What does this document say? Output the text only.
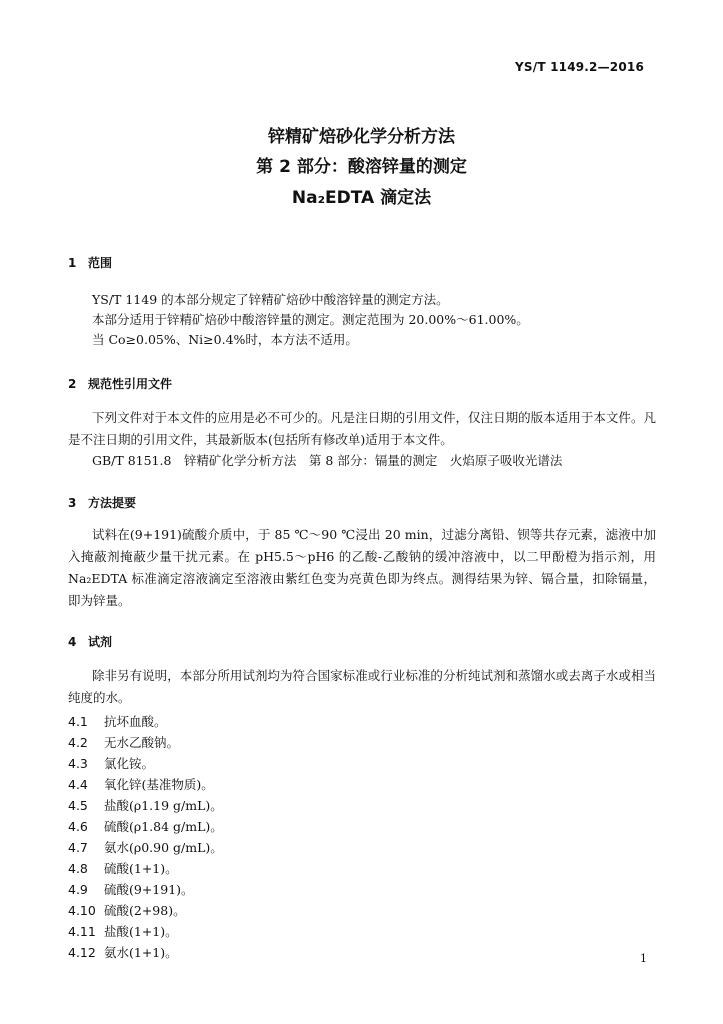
YS/T 1149.2—2016
锌精矿焙砂化学分析方法
第 2 部分：酸溶锌量的测定
Na₂EDTA 滴定法
1 范围
YS/T 1149 的本部分规定了锌精矿焙砂中酸溶锌量的测定方法。
本部分适用于锌精矿焙砂中酸溶锌量的测定。测定范围为 20.00%～61.00%。
当 Co≥0.05%、Ni≥0.4%时，本方法不适用。
2 规范性引用文件
下列文件对于本文件的应用是必不可少的。凡是注日期的引用文件，仅注日期的版本适用于本文件。凡是不注日期的引用文件，其最新版本(包括所有修改单)适用于本文件。
GB/T 8151.8　锌精矿化学分析方法　第 8 部分：镉量的测定　火焰原子吸收光谱法
3 方法提要
试料在(9+191)硫酸介质中，于 85 ℃～90 ℃浸出 20 min，过滤分离铅、钡等共存元素，滤液中加入掩蔽剂掩蔽少量干扰元素。在 pH5.5～pH6 的乙酸-乙酸钠的缓冲溶液中，以二甲酚橙为指示剂，用 Na₂EDTA 标准滴定溶液滴定至溶液由紫红色变为亮黄色即为终点。测得结果为锌、镉合量，扣除镉量，即为锌量。
4 试剂
除非另有说明，本部分所用试剂均为符合国家标准或行业标准的分析纯试剂和蒸馏水或去离子水或相当纯度的水。
4.1 抗坏血酸。
4.2 无水乙酸钠。
4.3 氯化铵。
4.4 氧化锌(基准物质)。
4.5 盐酸(ρ1.19 g/mL)。
4.6 硫酸(ρ1.84 g/mL)。
4.7 氨水(ρ0.90 g/mL)。
4.8 硫酸(1+1)。
4.9 硫酸(9+191)。
4.10 硫酸(2+98)。
4.11 盐酸(1+1)。
4.12 氨水(1+1)。	1
